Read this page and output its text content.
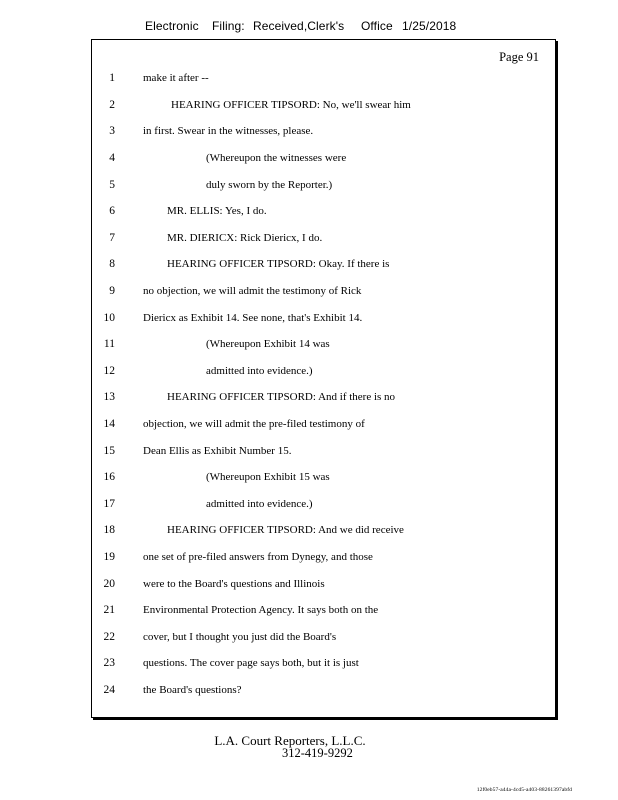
Electronic Filing: Received,Clerk's Office 1/25/2018
Page 91
1	make it after --
2	HEARING OFFICER TIPSORD: No, we'll swear him
3	in first. Swear in the witnesses, please.
4	(Whereupon the witnesses were
5	duly sworn by the Reporter.)
6	MR. ELLIS: Yes, I do.
7	MR. DIERICX: Rick Diericx, I do.
8	HEARING OFFICER TIPSORD: Okay. If there is
9	no objection, we will admit the testimony of Rick
10	Diericx as Exhibit 14. See none, that's Exhibit 14.
11	(Whereupon Exhibit 14 was
12	admitted into evidence.)
13	HEARING OFFICER TIPSORD: And if there is no
14	objection, we will admit the pre-filed testimony of
15	Dean Ellis as Exhibit Number 15.
16	(Whereupon Exhibit 15 was
17	admitted into evidence.)
18	HEARING OFFICER TIPSORD: And we did receive
19	one set of pre-filed answers from Dynegy, and those
20	were to the Board's questions and Illinois
21	Environmental Protection Agency. It says both on the
22	cover, but I thought you just did the Board's
23	questions. The cover page says both, but it is just
24	the Board's questions?
L.A. Court Reporters, L.L.C.
312-419-9292
12f0eb57-a44a-4cd5-a403-88261397abfd
